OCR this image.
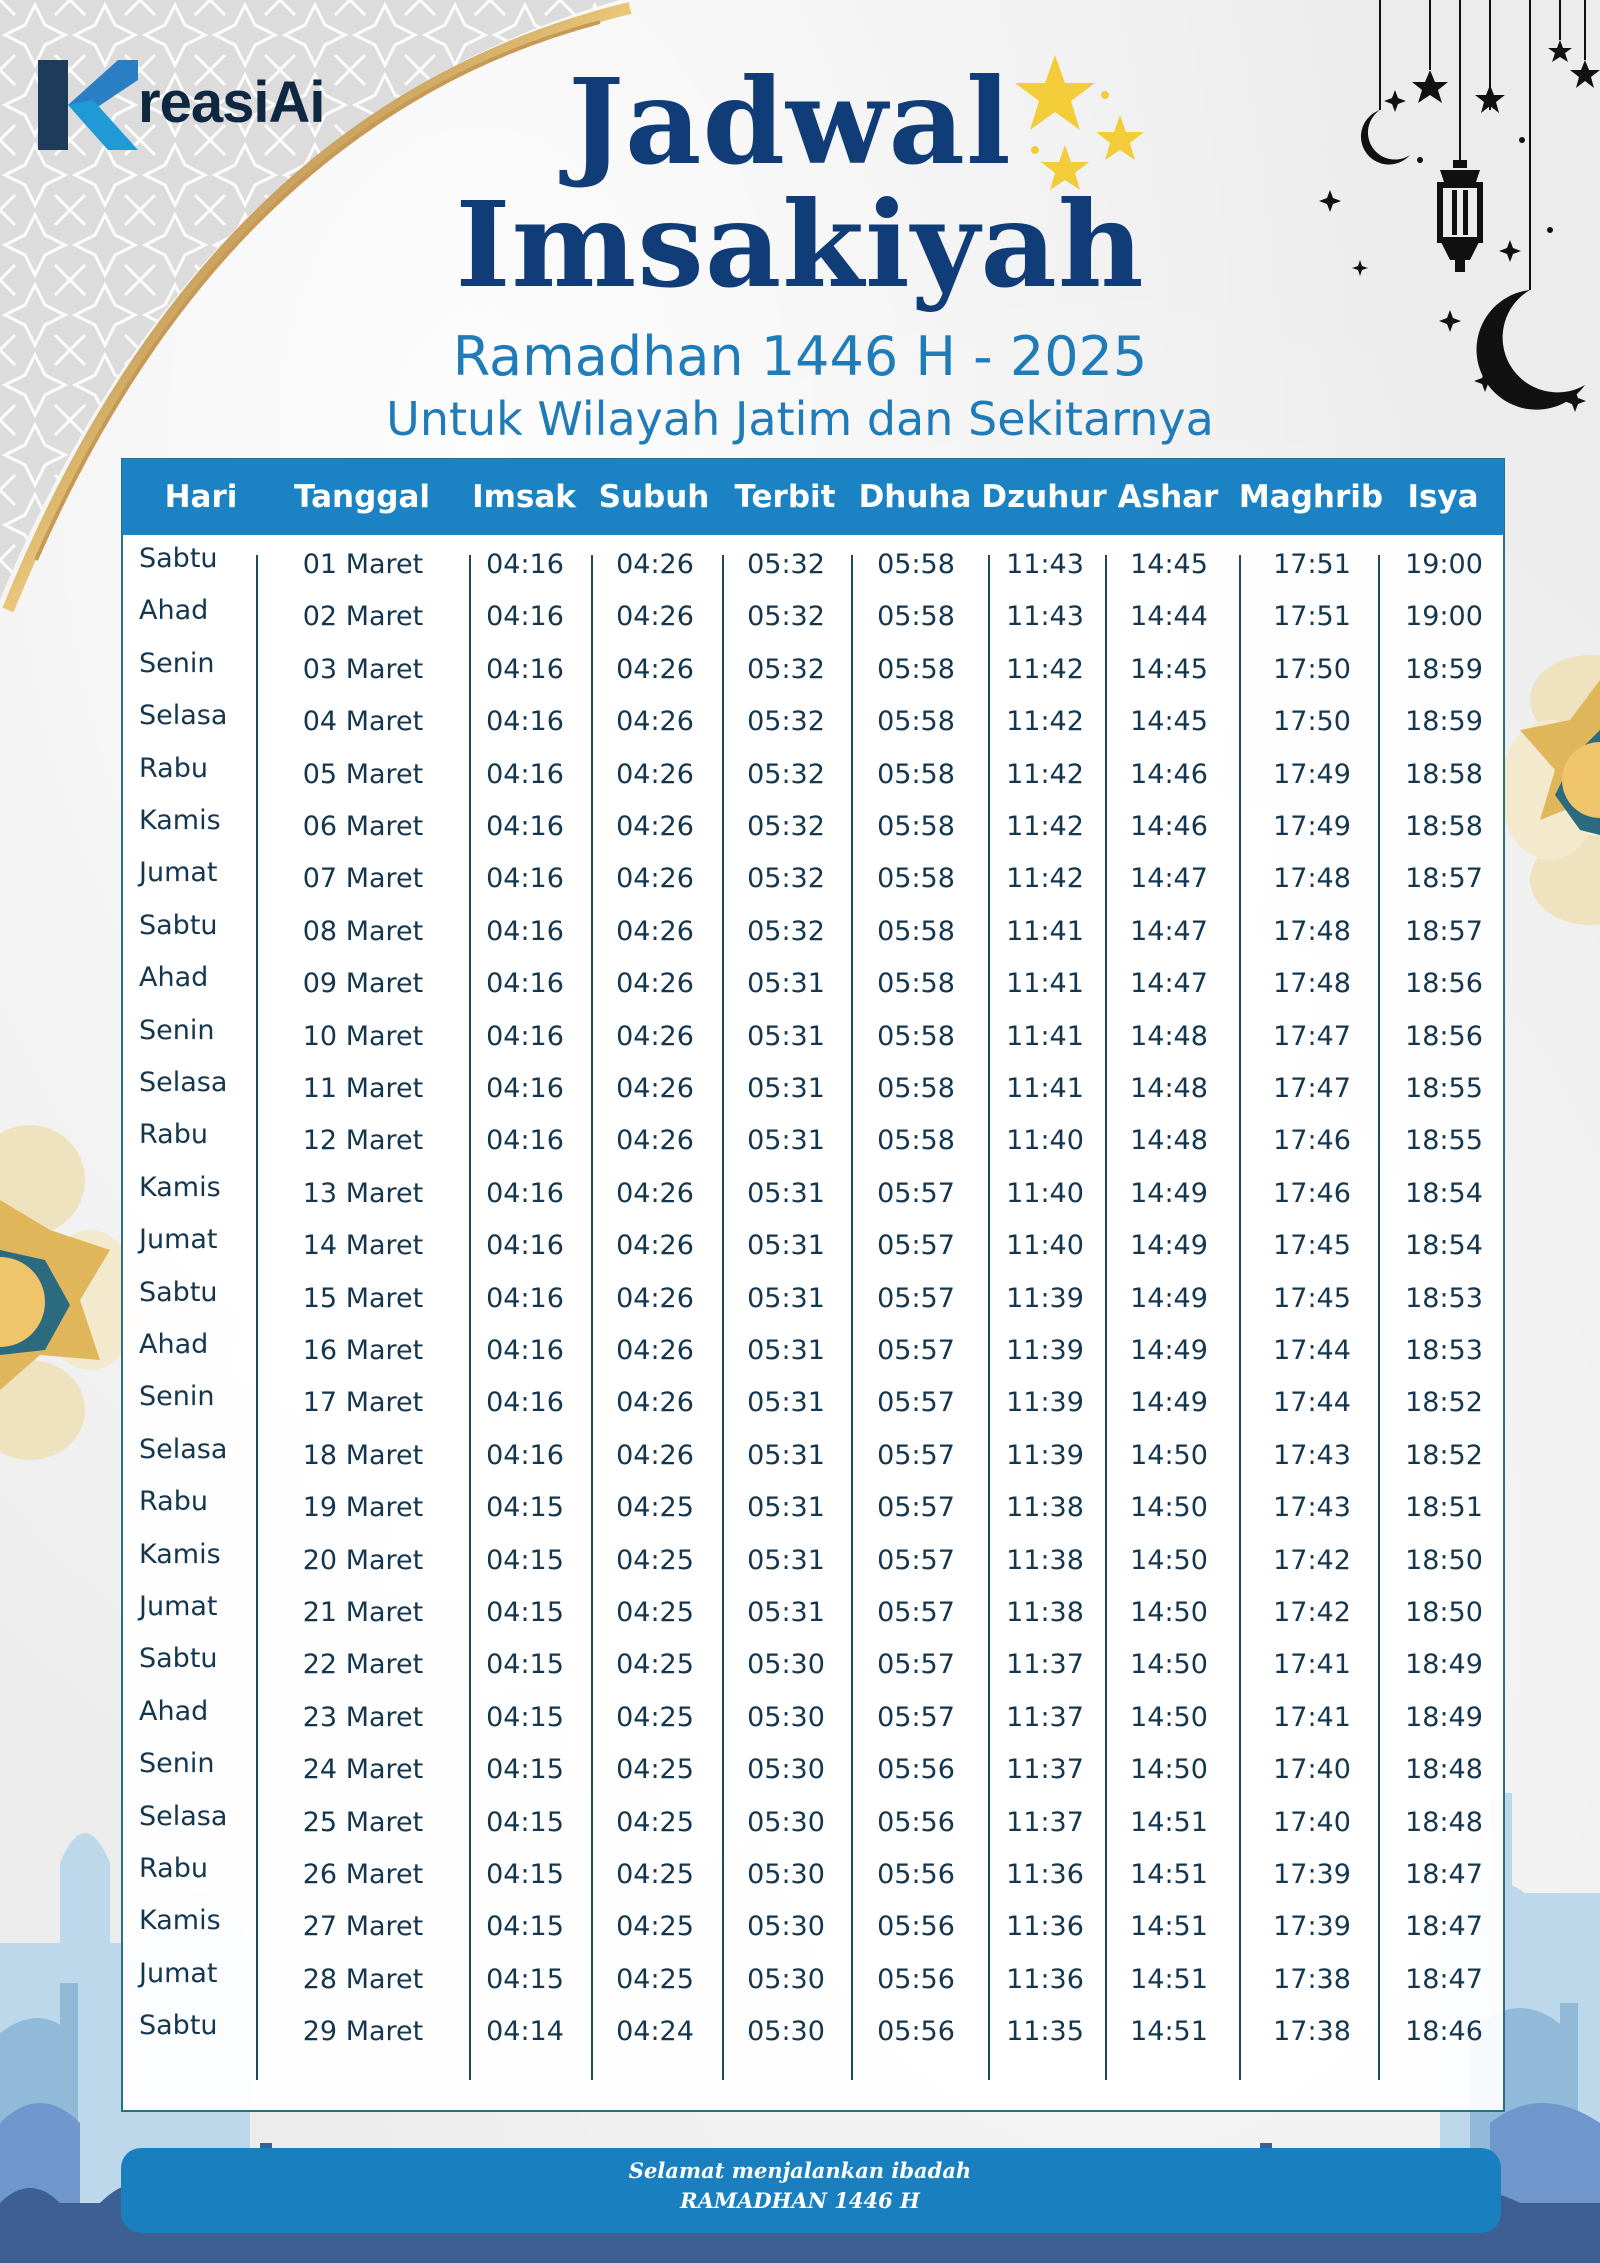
reasiAi	Jadwal
Imsakiyah
Ramadhan 1446 H - 2025
Untuk Wilayah Jatim dan Sekitarnya
Hari	Tanggal	Imsak Subuh Terbit Dhuha Dzuhur Ashar Maghrib Isya
Sabtu	01 Maret	04:16	04:26	05:32	05:58	11:43	14:45	17:51	19:00
Ahad	02 Maret	04:16	04:26	05:32	05:58	11:43	14:44	17:51	19:00
Senin	03 Maret	04:16	04:26	05:32	05:58	11:42	14:45	17:50	18:59
Selasa	04 Maret	04:16	04:26	05:32	05:58	11:42	14:45	17:50	18:59
Rabu	05 Maret	04:16	04:26	05:32	05:58	11:42	14:46	17:49	18:58
Kamis	06 Maret	04:16	04:26	05:32	05:58	11:42	14:46	17:49	18:58
Jumat	07 Maret	04:16	04:26	05:32	05:58	11:42	14:47	17:48	18:57
Sabtu	08 Maret	04:16	04:26	05:32	05:58	11:41	14:47	17:48	18:57
Ahad	09 Maret	04:16	04:26	05:31	05:58	11:41	14:47	17:48	18:56
Senin	10 Maret	04:16	04:26	05:31	05:58	11:41	14:48	17:47	18:56
Selasa	11 Maret	04:16	04:26	05:31	05:58	11:41	14:48	17:47	18:55
Rabu	12 Maret	04:16	04:26	05:31	05:58	11:40	14:48	17:46	18:55
Kamis	13 Maret	04:16	04:26	05:31	05:57	11:40	14:49	17:46	18:54
Jumat	14 Maret	04:16	04:26	05:31	05:57	11:40	14:49	17:45	18:54
Sabtu	15 Maret	04:16	04:26	05:31	05:57	11:39	14:49	17:45	18:53
Ahad	16 Maret	04:16	04:26	05:31	05:57	11:39	14:49	17:44	18:53
Senin	17 Maret	04:16	04:26	05:31	05:57	11:39	14:49	17:44	18:52
Selasa	18 Maret	04:16	04:26	05:31	05:57	11:39	14:50	17:43	18:52
Rabu	19 Maret	04:15	04:25	05:31	05:57	11:38	14:50	17:43	18:51
Kamis	20 Maret	04:15	04:25	05:31	05:57	11:38	14:50	17:42	18:50
Jumat	21 Maret	04:15	04:25	05:31	05:57	11:38	14:50	17:42	18:50
Sabtu	22 Maret	04:15	04:25	05:30	05:57	11:37	14:50	17:41	18:49
Ahad	23 Maret	04:15	04:25	05:30	05:57	11:37	14:50	17:41	18:49
Senin	24 Maret	04:15	04:25	05:30	05:56	11:37	14:50	17:40	18:48
Selasa	25 Maret	04:15	04:25	05:30	05:56	11:37	14:51	17:40	18:48
Rabu	26 Maret	04:15	04:25	05:30	05:56	11:36	14:51	17:39	18:47
Kamis	27 Maret	04:15	04:25	05:30	05:56	11:36	14:51	17:39	18:47
Jumat	28 Maret	04:15	04:25	05:30	05:56	11:36	14:51	17:38	18:47
Sabtu	29 Maret	04:14	04:24	05:30	05:56	11:35	14:51	17:38	18:46
Selamat menjalankan ibadah
RAMADHAN 1446 H
